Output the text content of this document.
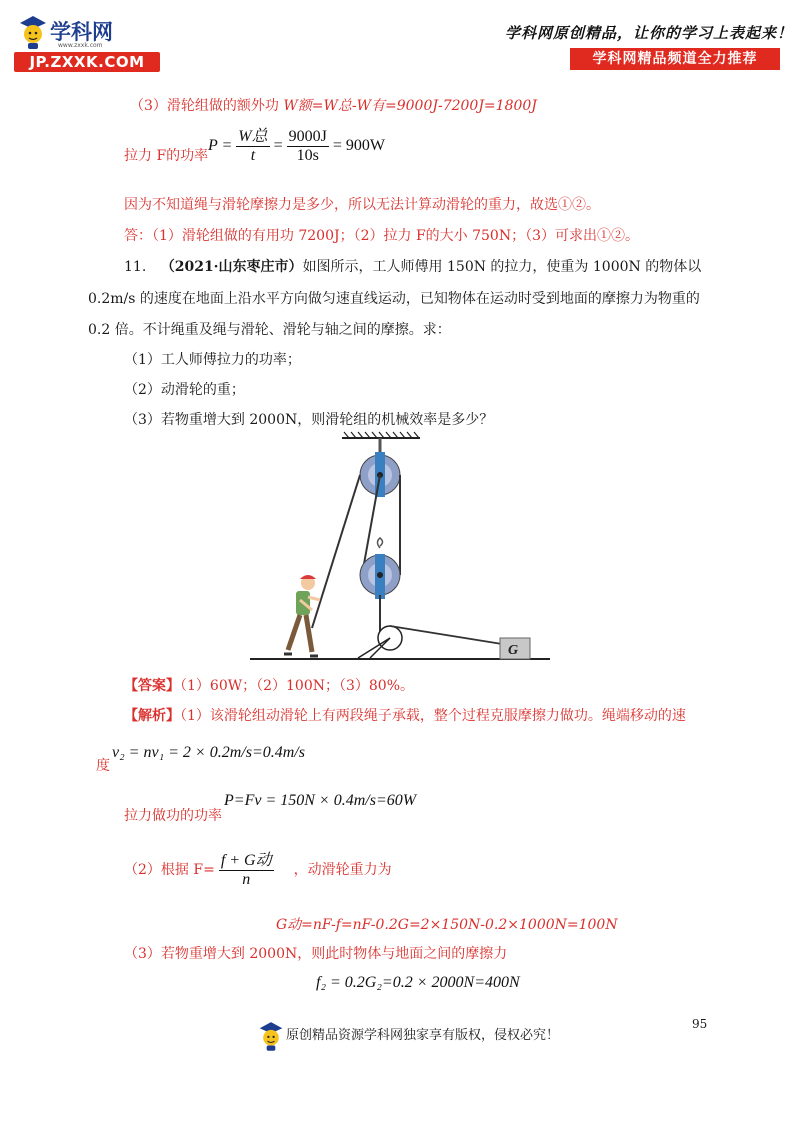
学科网
www.zxxk.com
JP.ZXXK.COM
学科网原创精品，让你的学习上表起来！
学科网精品频道全力推荐
（3）滑轮组做的额外功 W额=W总-W有=9000J-7200J=1800J
拉力 F的功率
$P = \frac{\text{W总}}{t} = \frac{9000J}{10s} = 900W$
因为不知道绳与滑轮摩擦力是多少，所以无法计算动滑轮的重力，故选①②。
答：（1）滑轮组做的有用功 7200J；（2）拉力 F的大小 750N；（3）可求出①②。
11. （2021·山东枣庄市）如图所示，工人师傅用 150N 的拉力，使重为 1000N 的物体以
0.2m/s 的速度在地面上沿水平方向做匀速直线运动，已知物体在运动时受到地面的摩擦力为物重的
0.2 倍。不计绳重及绳与滑轮、滑轮与轴之间的摩擦。求：
（1）工人师傅拉力的功率；
（2）动滑轮的重；
（3）若物重增大到 2000N，则滑轮组的机械效率是多少？
G
【答案】（1）60W；（2）100N；（3）80%。
【解析】（1）该滑轮组动滑轮上有两段绳子承载，整个过程克服摩擦力做功。绳端移动的速
度
v₂ = nv₁ = 2 × 0.2m/s=0.4m/s
P=Fv = 150N × 0.4m/s=60W
拉力做功的功率
（2）根据 $F= \frac{\text{f + G动}}{n}$ ，动滑轮重力为
G动=nF-f=nF-0.2G=2×150N-0.2×1000N=100N
（3）若物重增大到 2000N，则此时物体与地面之间的摩擦力
f₂ = 0.2G₂=0.2 × 2000N=400N
95
原创精品资源学科网独家享有版权，侵权必究！
